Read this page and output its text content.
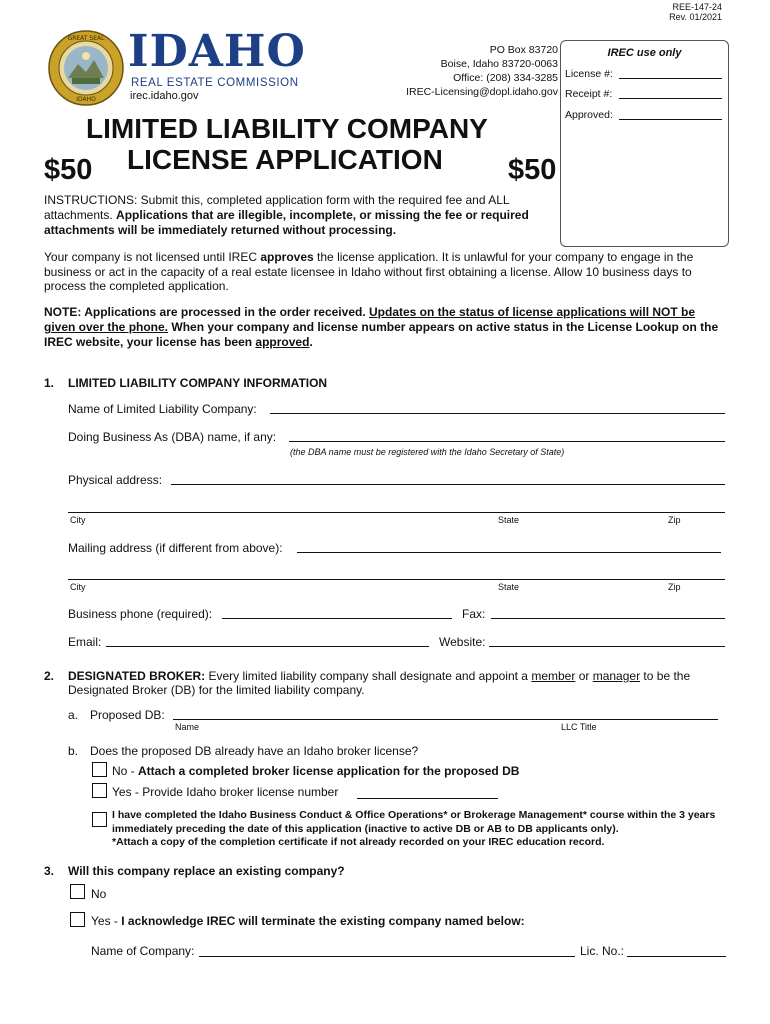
REE-147-24
Rev. 01/2021
GREAT SEAL
IDAHO
IDAHO
REAL ESTATE COMMISSION
irec.idaho.gov
PO Box 83720
Boise, Idaho 83720-0063
Office: (208) 334-3285
IREC-Licensing@dopl.idaho.gov
IREC use only
License #:
Receipt #:
Approved:
LIMITED LIABILITY COMPANY
LICENSE APPLICATION
$50	$50
INSTRUCTIONS: Submit this, completed application form with the required fee and ALL attachments. Applications that are illegible, incomplete, or missing the fee or required attachments will be immediately returned without processing.
Your company is not licensed until IREC approves the license application. It is unlawful for your company to engage in the business or act in the capacity of a real estate licensee in Idaho without first obtaining a license. Allow 10 business days to process the completed application.
NOTE: Applications are processed in the order received. Updates on the status of license applications will NOT be given over the phone. When your company and license number appears on active status in the License Lookup on the IREC website, your license has been approved.
1. LIMITED LIABILITY COMPANY INFORMATION
Name of Limited Liability Company:
Doing Business As (DBA) name, if any:
(the DBA name must be registered with the Idaho Secretary of State)
Physical address:
City	State	Zip
Mailing address (if different from above):
City	State	Zip
Business phone (required):	Fax:
Email:	Website:
2. DESIGNATED BROKER: Every limited liability company shall designate and appoint a member or manager to be the Designated Broker (DB) for the limited liability company.
a. Proposed DB:
Name	LLC Title
b. Does the proposed DB already have an Idaho broker license?
No - Attach a completed broker license application for the proposed DB
Yes - Provide Idaho broker license number
I have completed the Idaho Business Conduct & Office Operations* or Brokerage Management* course within the 3 years immediately preceding the date of this application (inactive to active DB or AB to DB applicants only).
*Attach a copy of the completion certificate if not already recorded on your IREC education record.
3. Will this company replace an existing company?
No
Yes - I acknowledge IREC will terminate the existing company named below:
Name of Company:	Lic. No.:
